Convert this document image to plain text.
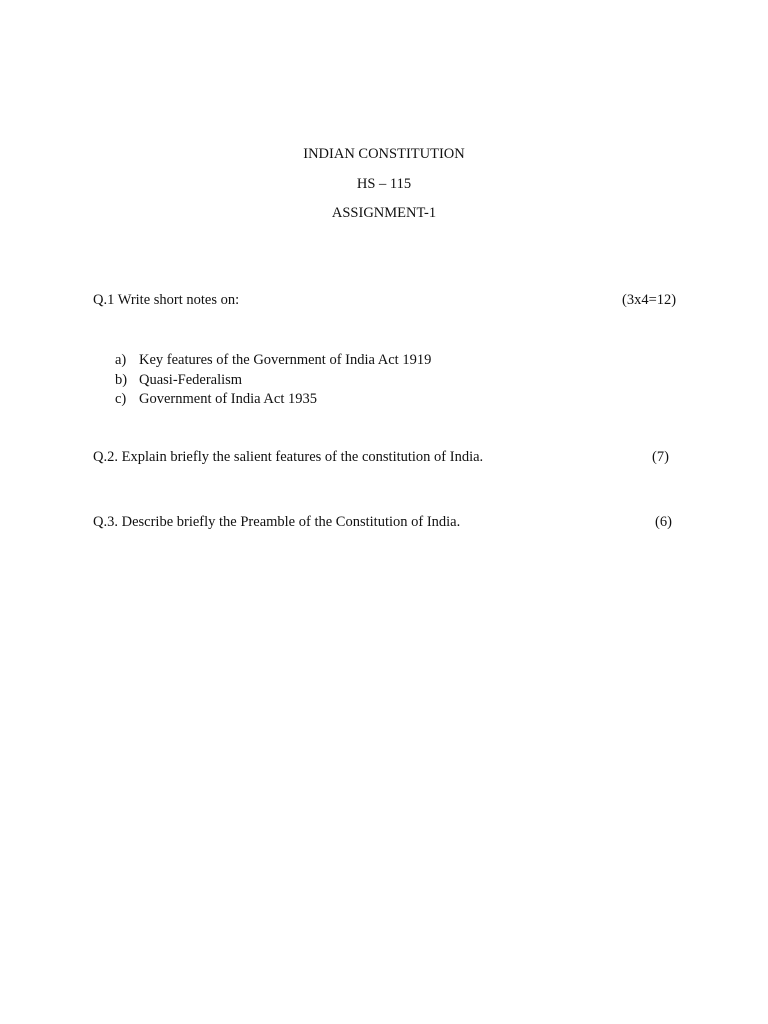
INDIAN CONSTITUTION
HS – 115
ASSIGNMENT-1
Q.1 Write short notes on:	(3x4=12)
a) Key features of the Government of India Act 1919
b) Quasi-Federalism
c) Government of India Act 1935
Q.2. Explain briefly the salient features of the constitution of India.	(7)
Q.3. Describe briefly the Preamble of the Constitution of India.	(6)
